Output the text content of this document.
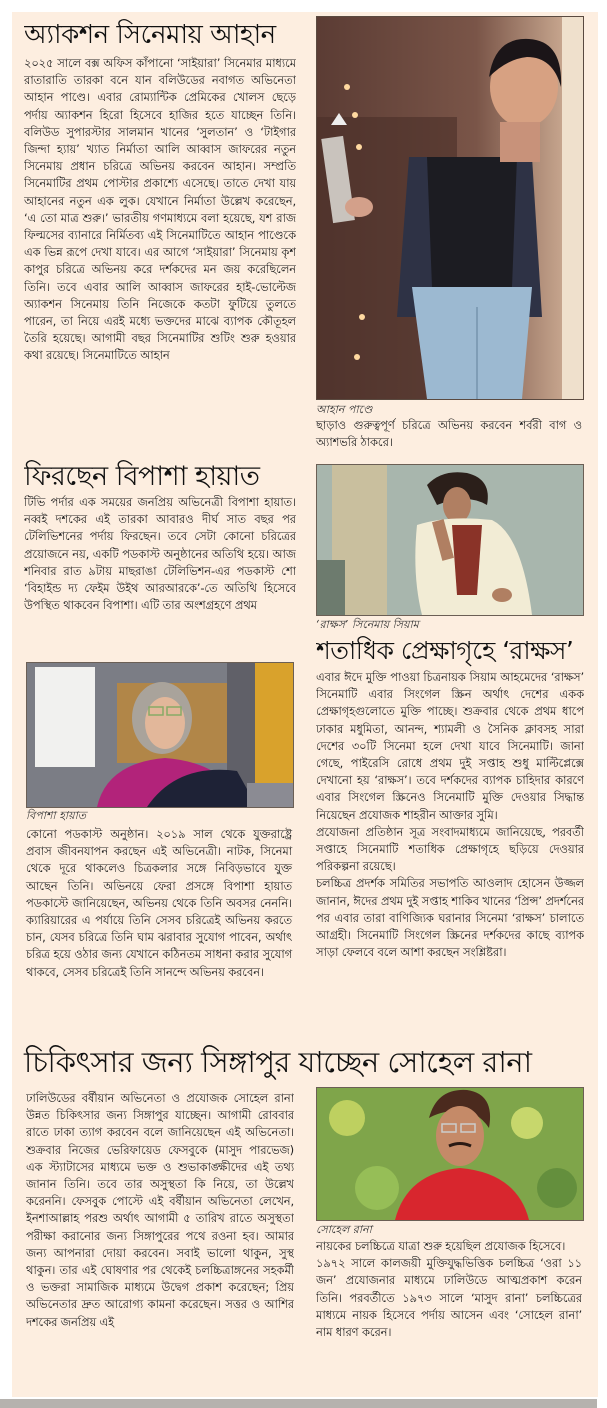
অ্যাকশন সিনেমায় আহান

২০২৫ সালে বক্স অফিস কাঁপানো ‘সাইয়ারা’ সিনেমার মাধ্যমে রাতারাতি তারকা বনে যান বলিউডের নবাগত অভিনেতা আহান পাণ্ডে। এবার রোম্যান্টিক প্রেমিকের খোলস ছেড়ে পর্দায় অ্যাকশন হিরো হিসেবে হাজির হতে যাচ্ছেন তিনি। বলিউড সুপারস্টার সালমান খানের ‘সুলতান’ ও ‘টাইগার জিন্দা হ্যায়’ খ্যাত নির্মাতা আলি আব্বাস জাফরের নতুন সিনেমায় প্রধান চরিত্রে অভিনয় করবেন আহান। সম্প্রতি সিনেমাটির প্রথম পোস্টার প্রকাশ্যে এসেছে। তাতে দেখা যায় আহানের নতুন এক লুক। যেখানে নির্মাতা উল্লেখ করেছেন, ‘এ তো মাত্র শুরু।’ ভারতীয় গণমাধ্যমে বলা হয়েছে, যশ রাজ ফিল্মসের ব্যানারে নির্মিতব্য এই সিনেমাটিতে আহান পাণ্ডেকে এক ভিন্ন রূপে দেখা যাবে। এর আগে ‘সাইয়ারা’ সিনেমায় কৃশ কাপুর চরিত্রে অভিনয় করে দর্শকদের মন জয় করেছিলেন তিনি। তবে এবার আলি আব্বাস জাফরের হাই-ভোল্টেজ অ্যাকশন সিনেমায় তিনি নিজেকে কতটা ফুটিয়ে তুলতে পারেন, তা নিয়ে এরই মধ্যে ভক্তদের মাঝে ব্যাপক কৌতূহল তৈরি হয়েছে। আগামী বছর সিনেমাটির শুটিং শুরু হওয়ার কথা রয়েছে। সিনেমাটিতে আহান

আহান পাণ্ডে

ছাড়াও গুরুত্বপূর্ণ চরিত্রে অভিনয় করবেন শর্বরী বাগ ও অ্যাশভরি ঠাকরে।

ফিরছেন বিপাশা হায়াত

টিভি পর্দার এক সময়ের জনপ্রিয় অভিনেত্রী বিপাশা হায়াত। নব্বই দশকের এই তারকা আবারও দীর্ঘ সাত বছর পর টেলিভিশনের পর্দায় ফিরছেন। তবে সেটা কোনো চরিত্রের প্রয়োজনে নয়, একটি পডকাস্ট অনুষ্ঠানের অতিথি হয়ে। আজ শনিবার রাত ৯টায় মাছরাঙা টেলিভিশন-এর পডকাস্ট শো ‘বিহাইন্ড দ্য ফেইম উইথ আরআরকে’-তে অতিথি হিসেবে উপস্থিত থাকবেন বিপাশা। এটি তার অংশগ্রহণে প্রথম

বিপাশা হায়াত

কোনো পডকাস্ট অনুষ্ঠান। ২০১৯ সাল থেকে যুক্তরাষ্ট্রে প্রবাস জীবনযাপন করছেন এই অভিনেত্রী। নাটক, সিনেমা থেকে দূরে থাকলেও চিত্রকলার সঙ্গে নিবিড়ভাবে যুক্ত আছেন তিনি। অভিনয়ে ফেরা প্রসঙ্গে বিপাশা হায়াত পডকাস্টে জানিয়েছেন, অভিনয় থেকে তিনি অবসর নেননি। ক্যারিয়ারের এ পর্যায়ে তিনি সেসব চরিত্রেই অভিনয় করতে চান, যেসব চরিত্রে তিনি ঘাম ঝরাবার সুযোগ পাবেন, অর্থাৎ চরিত্র হয়ে ওঠার জন্য যেখানে কঠিনতম সাধনা করার সুযোগ থাকবে, সেসব চরিত্রেই তিনি সানন্দে অভিনয় করবেন।

‘রাক্ষস’ সিনেমায় সিয়াম

শতাধিক প্রেক্ষাগৃহে ‘রাক্ষস’

এবার ঈদে মুক্তি পাওয়া চিত্রনায়ক সিয়াম আহমেদের ‘রাক্ষস’ সিনেমাটি এবার সিংগেল স্ক্রিন অর্থাৎ দেশের একক প্রেক্ষাগৃহগুলোতে মুক্তি পাচ্ছে। শুক্রবার থেকে প্রথম ধাপে ঢাকার মধুমিতা, আনন্দ, শ্যামলী ও সৈনিক ক্লাবসহ সারা দেশের ৩০টি সিনেমা হলে দেখা যাবে সিনেমাটি। জানা গেছে, পাইরেসি রোধে প্রথম দুই সপ্তাহ শুধু মাল্টিপ্লেক্সে দেখানো হয় ‘রাক্ষস’। তবে দর্শকদের ব্যাপক চাহিদার কারণে এবার সিংগেল স্ক্রিনেও সিনেমাটি মুক্তি দেওয়ার সিদ্ধান্ত নিয়েছেন প্রযোজক শাহরীন আক্তার সুমি।

প্রযোজনা প্রতিষ্ঠান সূত্র সংবাদমাধ্যমে জানিয়েছে, পরবর্তী সপ্তাহে সিনেমাটি শতাধিক প্রেক্ষাগৃহে ছড়িয়ে দেওয়ার পরিকল্পনা রয়েছে।

চলচ্চিত্র প্রদর্শক সমিতির সভাপতি আওলাদ হোসেন উজ্জল জানান, ঈদের প্রথম দুই সপ্তাহ শাকিব খানের ‘প্রিন্স’ প্রদর্শনের পর এবার তারা বাণিজ্যিক ঘরানার সিনেমা ‘রাক্ষস’ চালাতে আগ্রহী। সিনেমাটি সিংগেল স্ক্রিনের দর্শকদের কাছে ব্যাপক সাড়া ফেলবে বলে আশা করছেন সংশ্লিষ্টরা।

চিকিৎসার জন্য সিঙ্গাপুর যাচ্ছেন সোহেল রানা

ঢালিউডের বর্ষীয়ান অভিনেতা ও প্রযোজক সোহেল রানা উন্নত চিকিৎসার জন্য সিঙ্গাপুর যাচ্ছেন। আগামী রোববার রাতে ঢাকা ত্যাগ করবেন বলে জানিয়েছেন এই অভিনেতা। শুক্রবার নিজের ভেরিফায়েড ফেসবুকে (মাসুদ পারভেজ) এক স্ট্যাটাসের মাধ্যমে ভক্ত ও শুভাকাঙ্ক্ষীদের এই তথ্য জানান তিনি। তবে তার অসুস্থতা কি নিয়ে, তা উল্লেখ করেননি। ফেসবুক পোস্টে এই বর্ষীয়ান অভিনেতা লেখেন, ইনশাআল্লাহ পরশু অর্থাৎ আগামী ৫ তারিখ রাতে অসুস্থতা পরীক্ষা করানোর জন্য সিঙ্গাপুরের পথে রওনা হব। আমার জন্য আপনারা দোয়া করবেন। সবাই ভালো থাকুন, সুস্থ থাকুন। তার এই ঘোষণার পর থেকেই চলচ্চিত্রাঙ্গনের সহকর্মী ও ভক্তরা সামাজিক মাধ্যমে উদ্বেগ প্রকাশ করেছেন; প্রিয় অভিনেতার দ্রুত আরোগ্য কামনা করেছেন। সত্তর ও আশির দশকের জনপ্রিয় এই

সোহেল রানা

নায়কের চলচ্চিত্রে যাত্রা শুরু হয়েছিল প্রযোজক হিসেবে।

১৯৭২ সালে কালজয়ী মুক্তিযুদ্ধভিত্তিক চলচ্চিত্র ‘ওরা ১১ জন’ প্রযোজনার মাধ্যমে ঢালিউডে আত্মপ্রকাশ করেন তিনি। পরবর্তীতে ১৯৭৩ সালে ‘মাসুদ রানা’ চলচ্চিত্রের মাধ্যমে নায়ক হিসেবে পর্দায় আসেন এবং ‘সোহেল রানা’ নাম ধারণ করেন।
